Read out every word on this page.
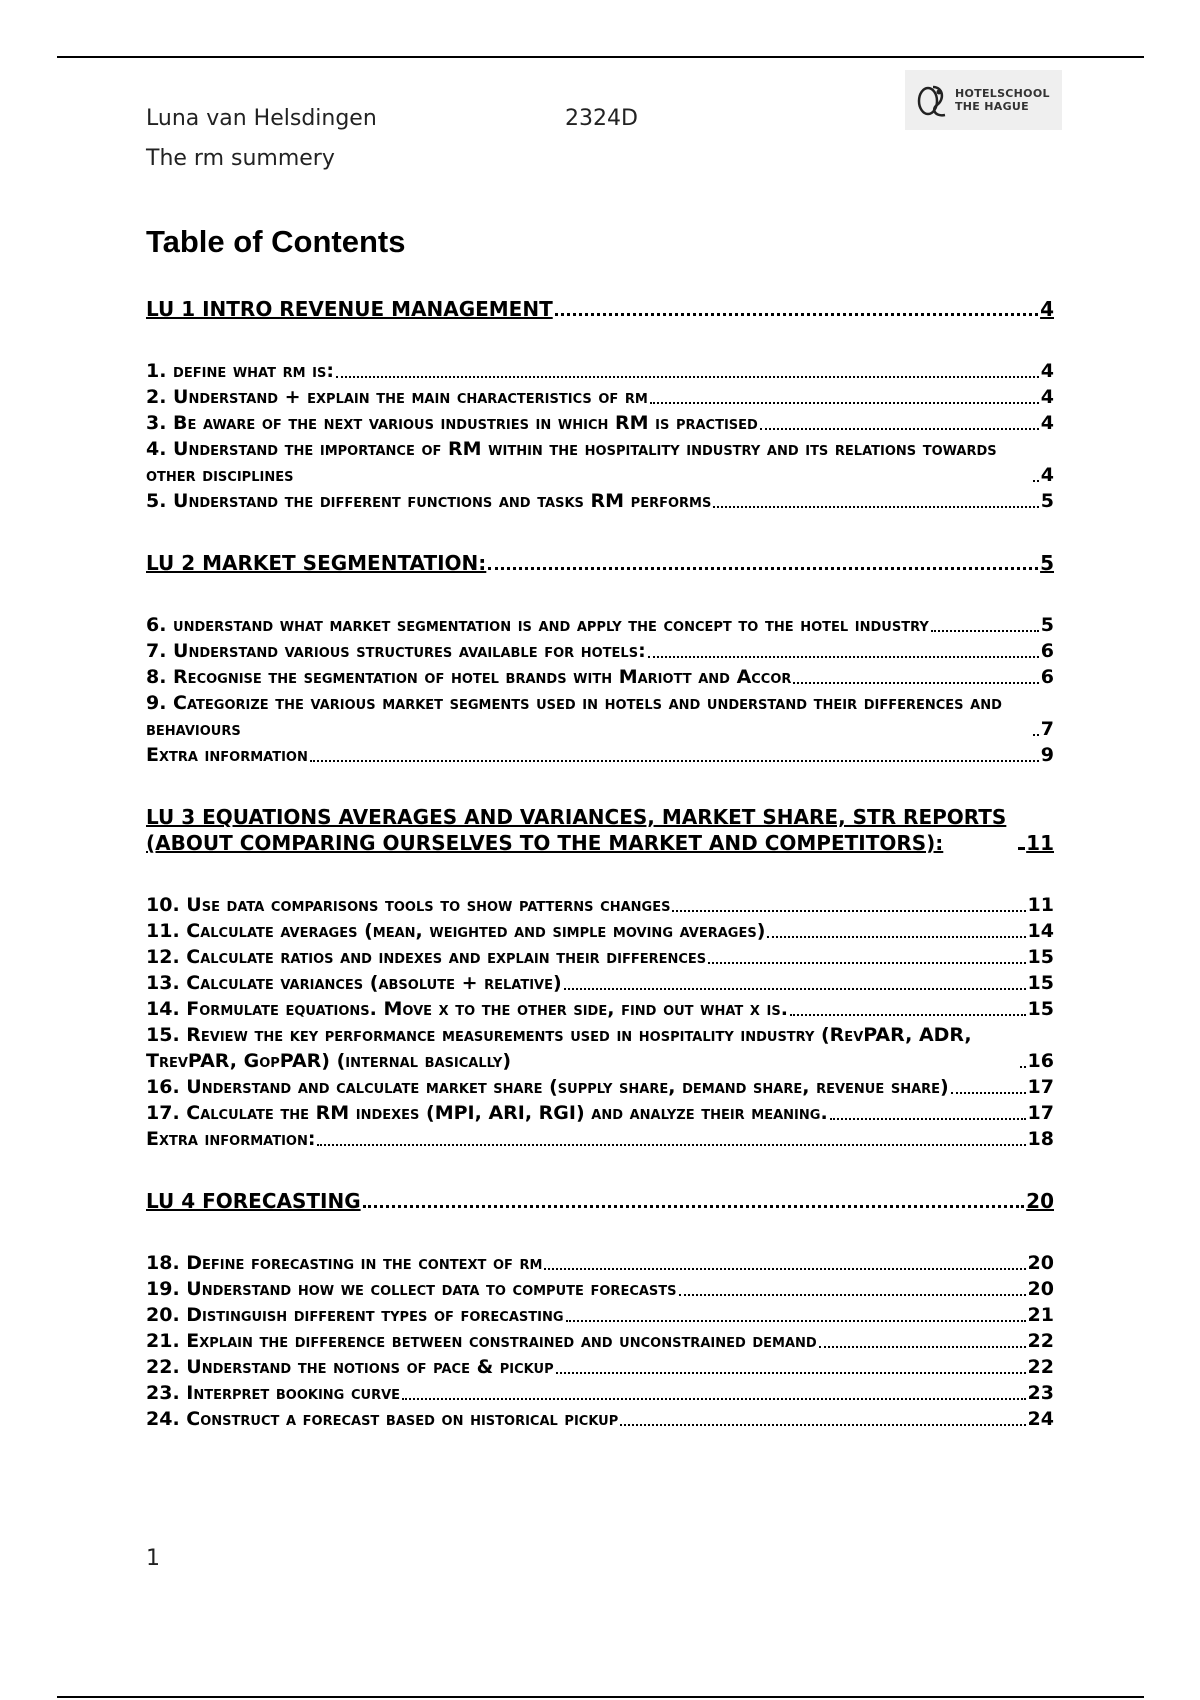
Luna van Helsdingen	2324D
The rm summery
HOTELSCHOOL
THE HAGUE
Table of Contents
LU 1 INTRO REVENUE MANAGEMENT	4
1. define what rm is:	4
2. Understand + explain the main characteristics of rm	4
3. Be aware of the next various industries in which RM is practised	4
4. Understand the importance of RM within the hospitality industry and its relations towards other disciplines	4
5. Understand the different functions and tasks RM performs	5
LU 2 MARKET SEGMENTATION:	5
6. understand what market segmentation is and apply the concept to the hotel industry	5
7. Understand various structures available for hotels:	6
8. Recognise the segmentation of hotel brands with Mariott and Accor	6
9. Categorize the various market segments used in hotels and understand their differences and behaviours	7
Extra information	9
LU 3 EQUATIONS AVERAGES AND VARIANCES, MARKET SHARE, STR REPORTS (ABOUT COMPARING OURSELVES TO THE MARKET AND COMPETITORS):	11
10. Use data comparisons tools to show patterns changes	11
11. Calculate averages (mean, weighted and simple moving averages)	14
12. Calculate ratios and indexes and explain their differences	15
13. Calculate variances (absolute + relative)	15
14. Formulate equations. Move x to the other side, find out what x is.	15
15. Review the key performance measurements used in hospitality industry (RevPAR, ADR, TrevPAR, GopPAR) (internal basically)	16
16. Understand and calculate market share (supply share, demand share, revenue share)	17
17. Calculate the RM indexes (MPI, ARI, RGI) and analyze their meaning.	17
Extra information:	18
LU 4 FORECASTING	20
18. Define forecasting in the context of rm	20
19. Understand how we collect data to compute forecasts	20
20. Distinguish different types of forecasting	21
21. Explain the difference between constrained and unconstrained demand	22
22. Understand the notions of pace & pickup	22
23. Interpret booking curve	23
24. Construct a forecast based on historical pickup	24
1
